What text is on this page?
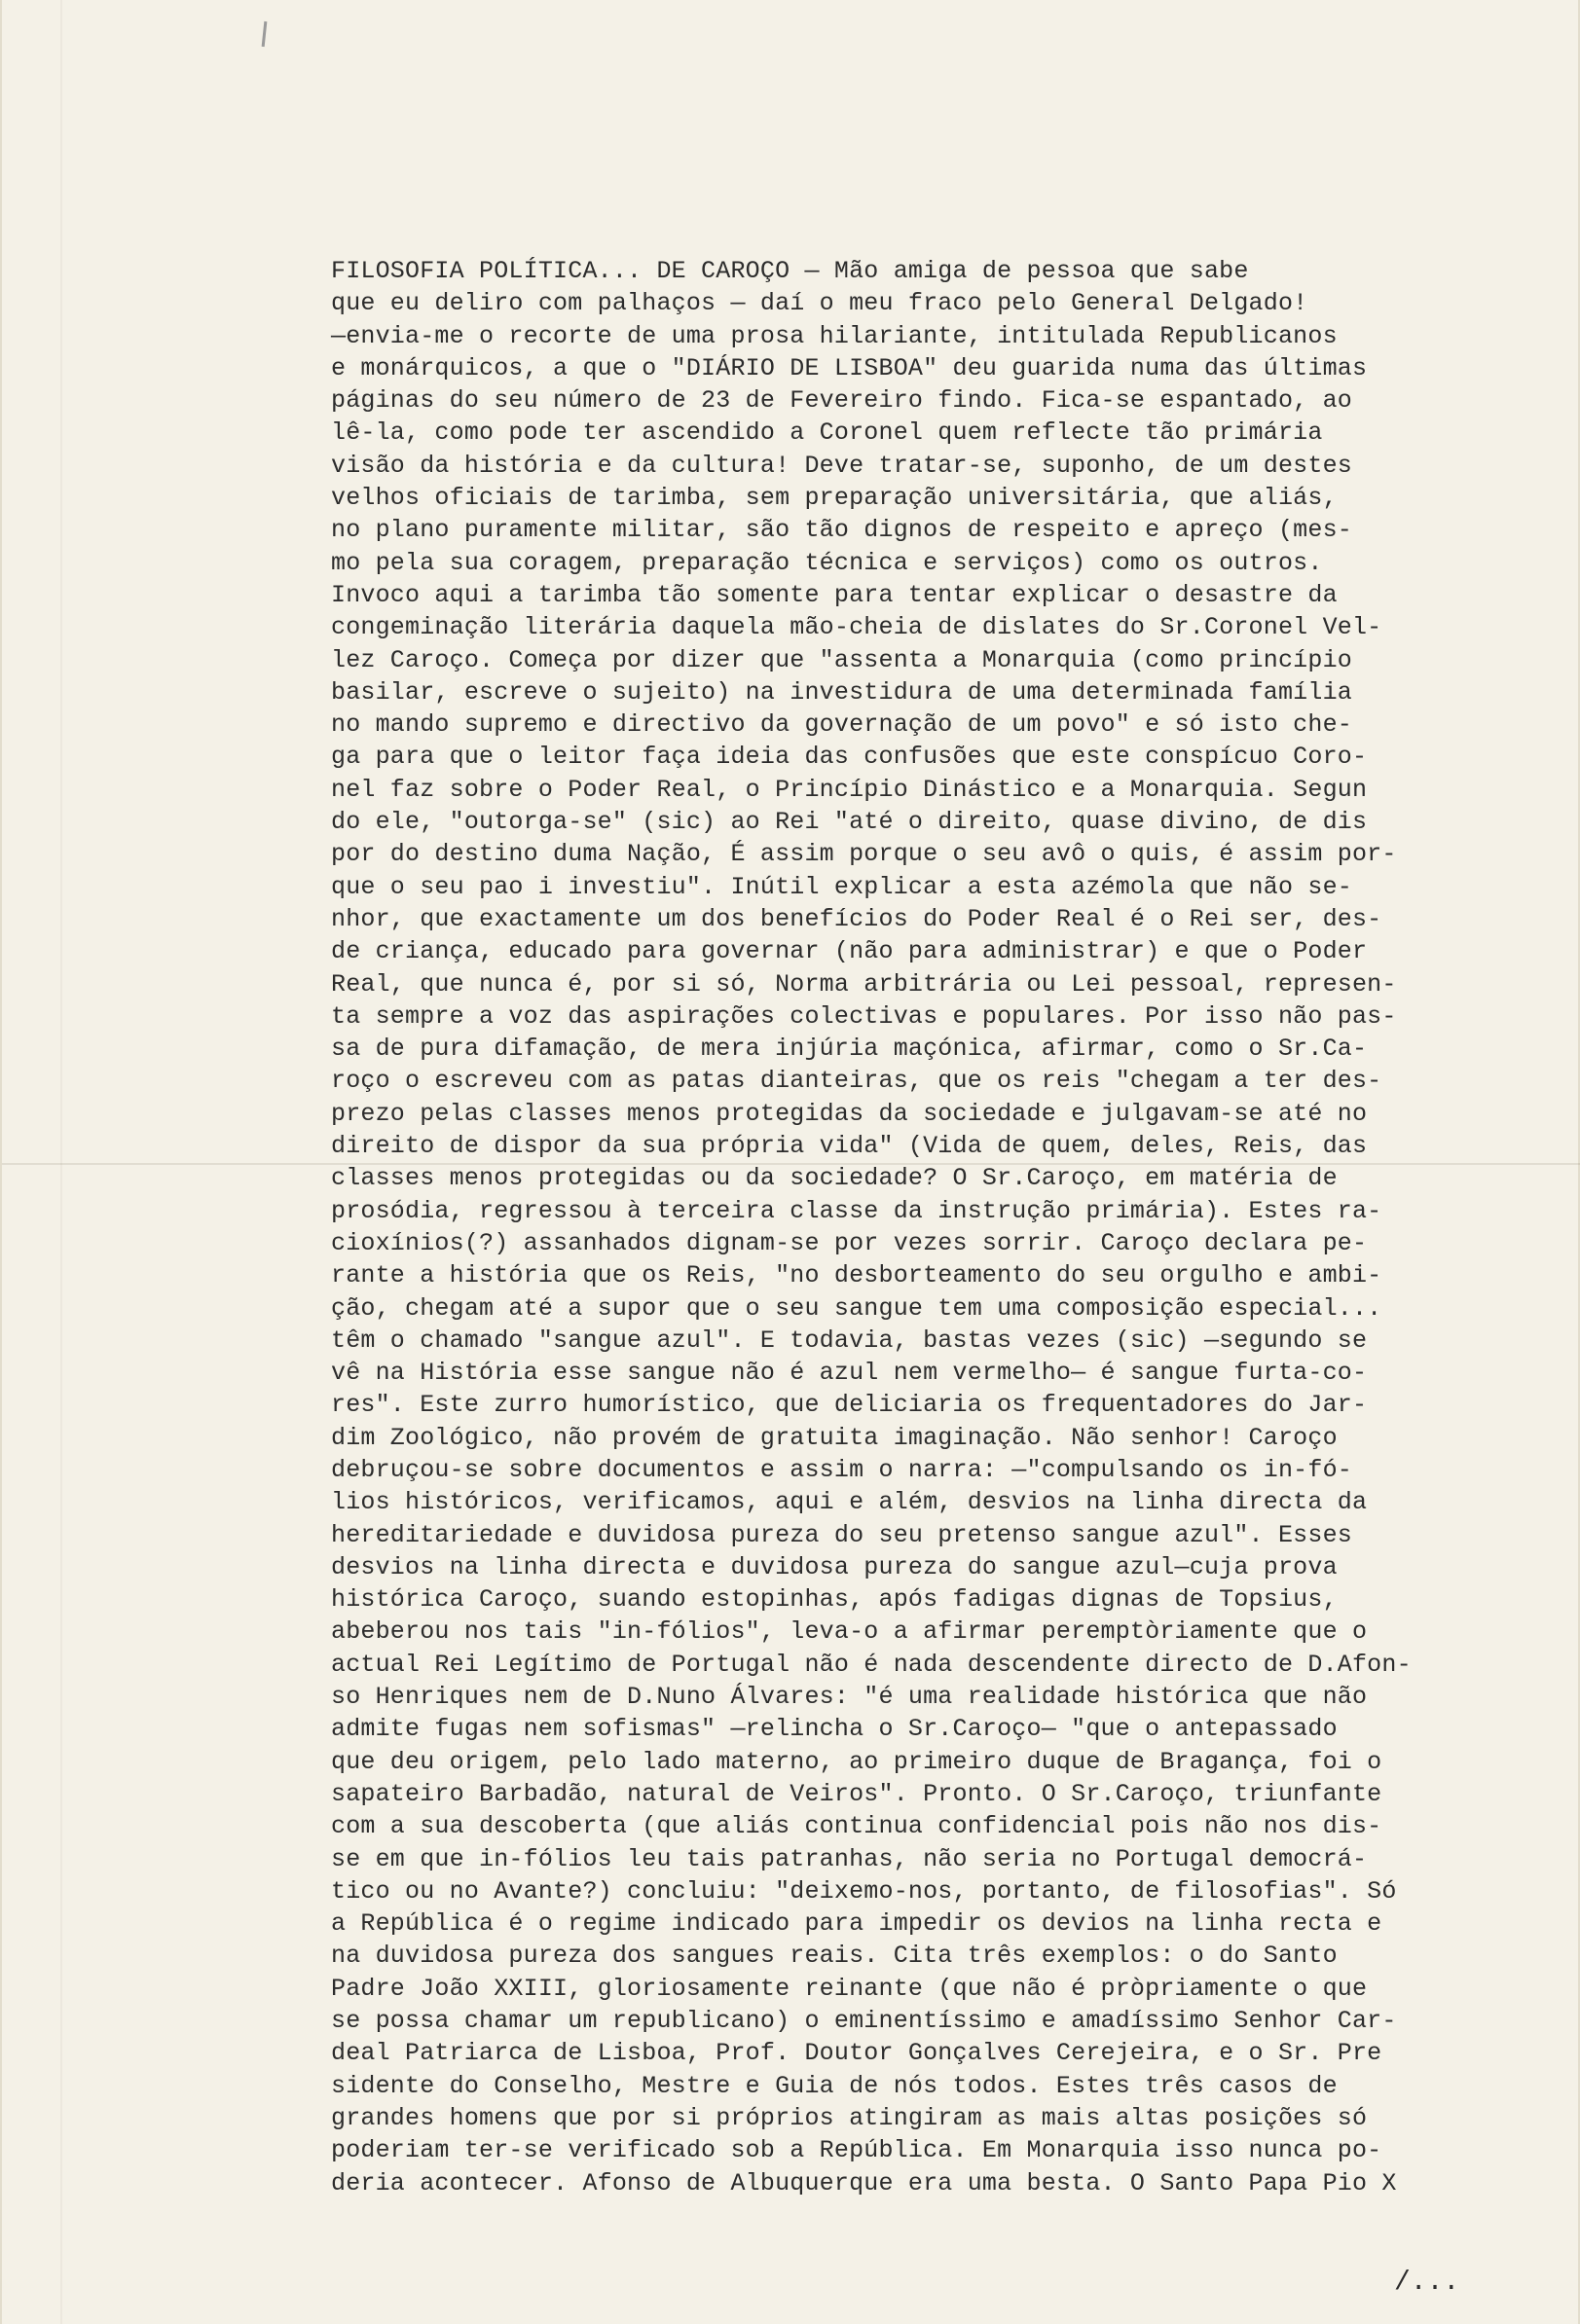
FILOSOFIA POLÍTICA... DE CAROÇO — Mão amiga de pessoa que sabe
que eu deliro com palhaços — daí o meu fraco pelo General Delgado!
—envia-me o recorte de uma prosa hilariante, intitulada Republicanos
e monárquicos, a que o "DIÁRIO DE LISBOA" deu guarida numa das últimas
páginas do seu número de 23 de Fevereiro findo. Fica-se espantado, ao
lê-la, como pode ter ascendido a Coronel quem reflecte tão primária
visão da história e da cultura! Deve tratar-se, suponho, de um destes
velhos oficiais de tarimba, sem preparação universitária, que aliás,
no plano puramente militar, são tão dignos de respeito e apreço (mes-
mo pela sua coragem, preparação técnica e serviços) como os outros.
Invoco aqui a tarimba tão somente para tentar explicar o desastre da
congeminação literária daquela mão-cheia de dislates do Sr.Coronel Vel-
lez Caroço. Começa por dizer que "assenta a Monarquia (como princípio
basilar, escreve o sujeito) na investidura de uma determinada família
no mando supremo e directivo da governação de um povo" e só isto che-
ga para que o leitor faça ideia das confusões que este conspícuo Coro-
nel faz sobre o Poder Real, o Princípio Dinástico e a Monarquia. Segun
do ele, "outorga-se" (sic) ao Rei "até o direito, quase divino, de dis
por do destino duma Nação, É assim porque o seu avô o quis, é assim por-
que o seu pao i investiu". Inútil explicar a esta azémola que não se-
nhor, que exactamente um dos benefícios do Poder Real é o Rei ser, des-
de criança, educado para governar (não para administrar) e que o Poder
Real, que nunca é, por si só, Norma arbitrária ou Lei pessoal, represen-
ta sempre a voz das aspirações colectivas e populares. Por isso não pas-
sa de pura difamação, de mera injúria maçónica, afirmar, como o Sr.Ca-
roço o escreveu com as patas dianteiras, que os reis "chegam a ter des-
prezo pelas classes menos protegidas da sociedade e julgavam-se até no
direito de dispor da sua própria vida" (Vida de quem, deles, Reis, das
classes menos protegidas ou da sociedade? O Sr.Caroço, em matéria de
prosódia, regressou à terceira classe da instrução primária). Estes ra-
cioxínios(?) assanhados dignam-se por vezes sorrir. Caroço declara pe-
rante a história que os Reis, "no desborteamento do seu orgulho e ambi-
ção, chegam até a supor que o seu sangue tem uma composição especial...
têm o chamado "sangue azul". E todavia, bastas vezes (sic) —segundo se
vê na História esse sangue não é azul nem vermelho— é sangue furta-co-
res". Este zurro humorístico, que deliciaria os frequentadores do Jar-
dim Zoológico, não provém de gratuita imaginação. Não senhor! Caroço
debruçou-se sobre documentos e assim o narra: —"compulsando os in-fó-
lios históricos, verificamos, aqui e além, desvios na linha directa da
hereditariedade e duvidosa pureza do seu pretenso sangue azul". Esses
desvios na linha directa e duvidosa pureza do sangue azul—cuja prova
histórica Caroço, suando estopinhas, após fadigas dignas de Topsius,
abeberou nos tais "in-fólios", leva-o a afirmar peremptòriamente que o
actual Rei Legítimo de Portugal não é nada descendente directo de D.Afon-
so Henriques nem de D.Nuno Álvares: "é uma realidade histórica que não
admite fugas nem sofismas" —relincha o Sr.Caroço— "que o antepassado
que deu origem, pelo lado materno, ao primeiro duque de Bragança, foi o
sapateiro Barbadão, natural de Veiros". Pronto. O Sr.Caroço, triunfante
com a sua descoberta (que aliás continua confidencial pois não nos dis-
se em que in-fólios leu tais patranhas, não seria no Portugal democrá-
tico ou no Avante?) concluiu: "deixemo-nos, portanto, de filosofias". Só
a República é o regime indicado para impedir os devios na linha recta e
na duvidosa pureza dos sangues reais. Cita três exemplos: o do Santo
Padre João XXIII, gloriosamente reinante (que não é pròpriamente o que
se possa chamar um republicano) o eminentíssimo e amadíssimo Senhor Car-
deal Patriarca de Lisboa, Prof. Doutor Gonçalves Cerejeira, e o Sr. Pre
sidente do Conselho, Mestre e Guia de nós todos. Estes três casos de
grandes homens que por si próprios atingiram as mais altas posições só
poderiam ter-se verificado sob a República. Em Monarquia isso nunca po-
deria acontecer. Afonso de Albuquerque era uma besta. O Santo Papa Pio X
/...
